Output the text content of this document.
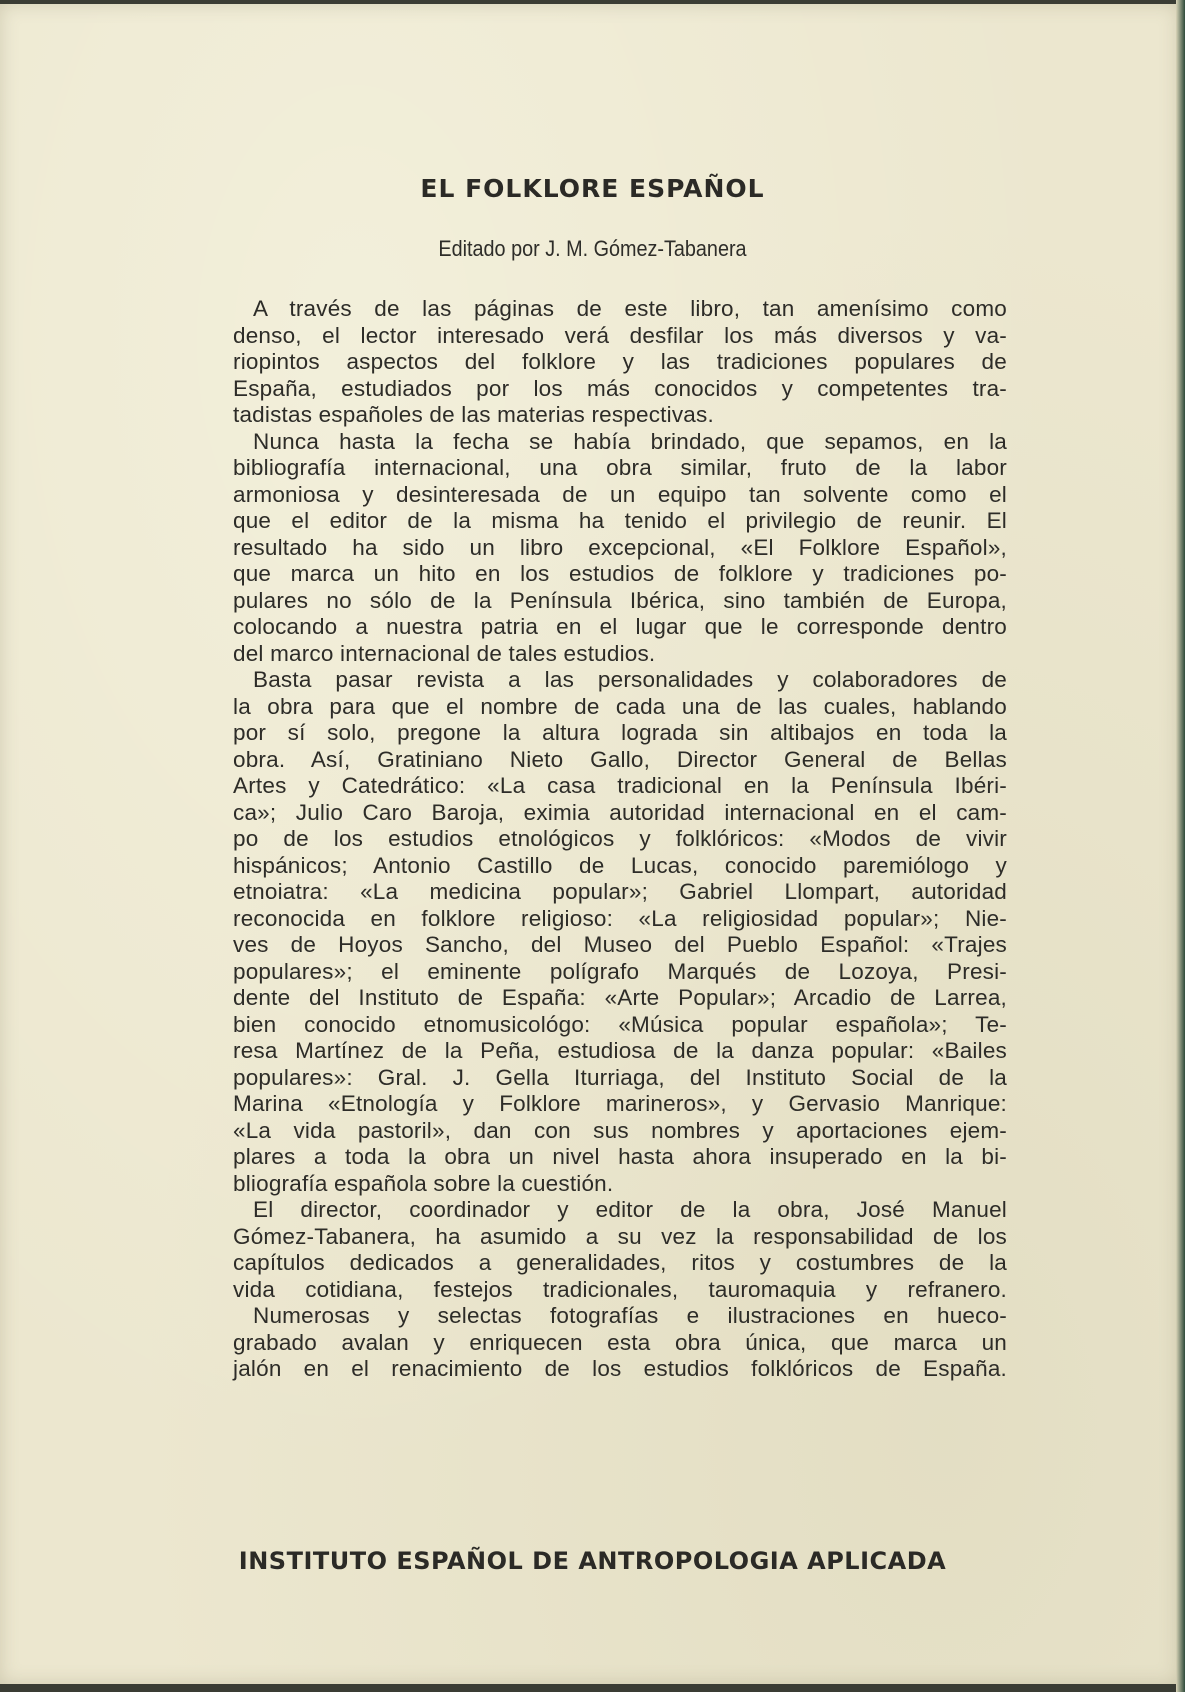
EL FOLKLORE ESPAÑOL
Editado por J. M. Gómez-Tabanera
A través de las páginas de este libro, tan amenísimo como
denso, el lector interesado verá desfilar los más diversos y va-
riopintos aspectos del folklore y las tradiciones populares de
España, estudiados por los más conocidos y competentes tra-
tadistas españoles de las materias respectivas.
Nunca hasta la fecha se había brindado, que sepamos, en la
bibliografía internacional, una obra similar, fruto de la labor
armoniosa y desinteresada de un equipo tan solvente como el
que el editor de la misma ha tenido el privilegio de reunir. El
resultado ha sido un libro excepcional, «El Folklore Español»,
que marca un hito en los estudios de folklore y tradiciones po-
pulares no sólo de la Península Ibérica, sino también de Europa,
colocando a nuestra patria en el lugar que le corresponde dentro
del marco internacional de tales estudios.
Basta pasar revista a las personalidades y colaboradores de
la obra para que el nombre de cada una de las cuales, hablando
por sí solo, pregone la altura lograda sin altibajos en toda la
obra. Así, Gratiniano Nieto Gallo, Director General de Bellas
Artes y Catedrático: «La casa tradicional en la Península Ibéri-
ca»; Julio Caro Baroja, eximia autoridad internacional en el cam-
po de los estudios etnológicos y folklóricos: «Modos de vivir
hispánicos; Antonio Castillo de Lucas, conocido paremiólogo y
etnoiatra: «La medicina popular»; Gabriel Llompart, autoridad
reconocida en folklore religioso: «La religiosidad popular»; Nie-
ves de Hoyos Sancho, del Museo del Pueblo Español: «Trajes
populares»; el eminente polígrafo Marqués de Lozoya, Presi-
dente del Instituto de España: «Arte Popular»; Arcadio de Larrea,
bien conocido etnomusicológo: «Música popular española»; Te-
resa Martínez de la Peña, estudiosa de la danza popular: «Bailes
populares»: Gral. J. Gella Iturriaga, del Instituto Social de la
Marina «Etnología y Folklore marineros», y Gervasio Manrique:
«La vida pastoril», dan con sus nombres y aportaciones ejem-
plares a toda la obra un nivel hasta ahora insuperado en la bi-
bliografía española sobre la cuestión.
El director, coordinador y editor de la obra, José Manuel
Gómez-Tabanera, ha asumido a su vez la responsabilidad de los
capítulos dedicados a generalidades, ritos y costumbres de la
vida cotidiana, festejos tradicionales, tauromaquia y refranero.
Numerosas y selectas fotografías e ilustraciones en hueco-
grabado avalan y enriquecen esta obra única, que marca un
jalón en el renacimiento de los estudios folklóricos de España.
INSTITUTO ESPAÑOL DE ANTROPOLOGIA APLICADA
